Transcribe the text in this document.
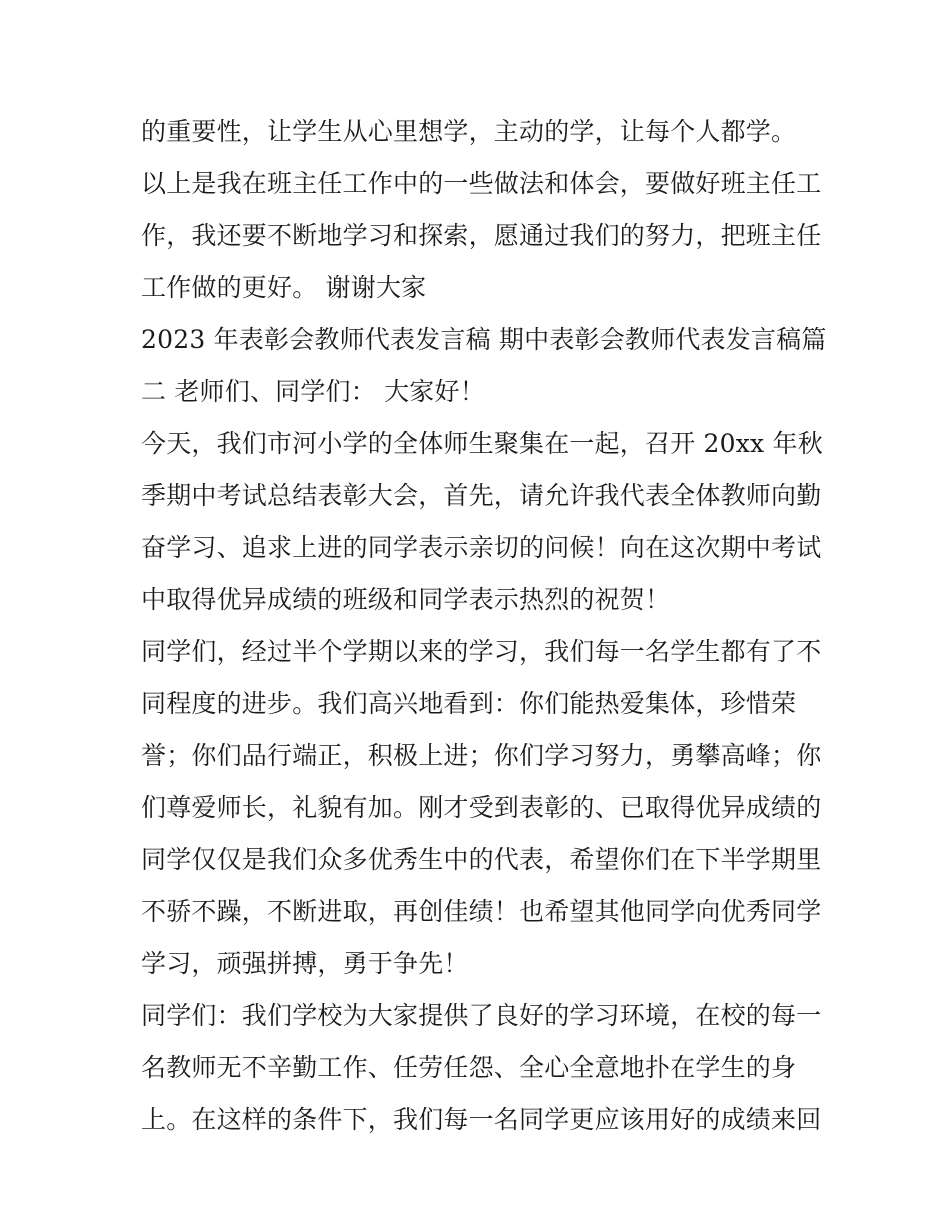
的重要性，让学生从心里想学，主动的学，让每个人都学。
以上是我在班主任工作中的一些做法和体会，要做好班主任工
作，我还要不断地学习和探索，愿通过我们的努力，把班主任
工作做的更好。 谢谢大家
2023 年表彰会教师代表发言稿 期中表彰会教师代表发言稿篇
二 老师们、同学们： 大家好！
今天，我们市河小学的全体师生聚集在一起，召开 20xx 年秋
季期中考试总结表彰大会，首先，请允许我代表全体教师向勤
奋学习、追求上进的同学表示亲切的问候！向在这次期中考试
中取得优异成绩的班级和同学表示热烈的祝贺！
同学们，经过半个学期以来的学习，我们每一名学生都有了不
同程度的进步。我们高兴地看到：你们能热爱集体，珍惜荣
誉；你们品行端正，积极上进；你们学习努力，勇攀高峰；你
们尊爱师长，礼貌有加。刚才受到表彰的、已取得优异成绩的
同学仅仅是我们众多优秀生中的代表，希望你们在下半学期里
不骄不躁，不断进取，再创佳绩！也希望其他同学向优秀同学
学习，顽强拼搏，勇于争先！
同学们：我们学校为大家提供了良好的学习环境，在校的每一
名教师无不辛勤工作、任劳任怨、全心全意地扑在学生的身
上。在这样的条件下，我们每一名同学更应该用好的成绩来回
